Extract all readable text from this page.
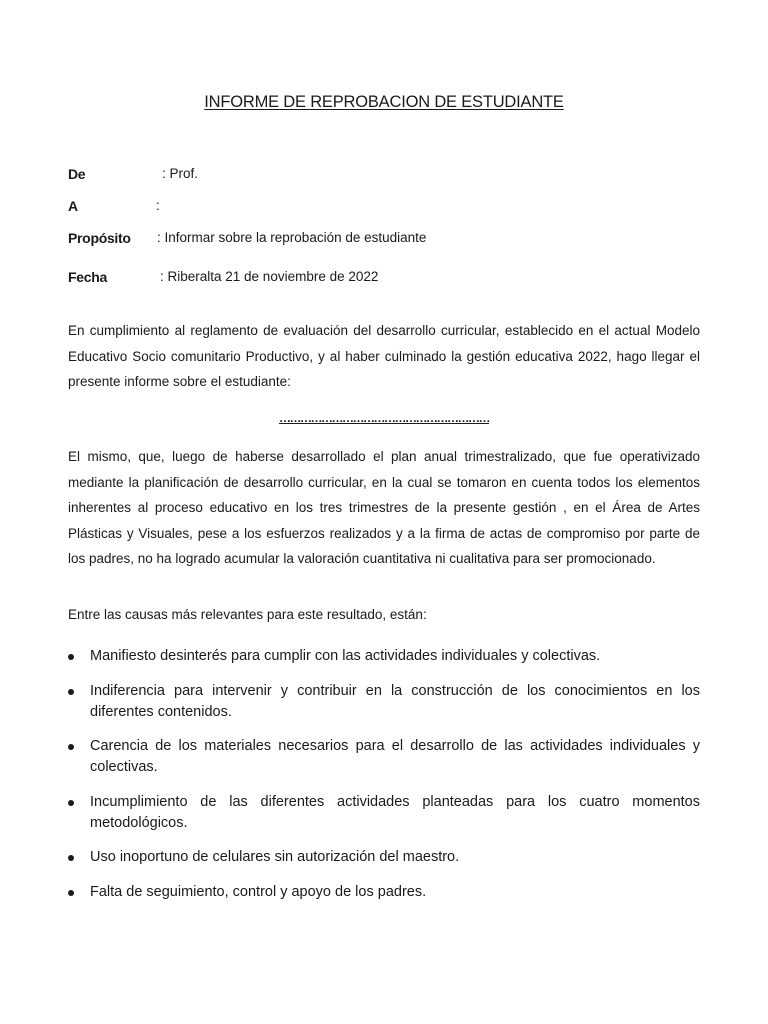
INFORME DE REPROBACION DE ESTUDIANTE
De	: Prof.
A	:
Propósito : Informar sobre la reprobación de estudiante
Fecha	: Riberalta 21 de noviembre de 2022

En cumplimiento al reglamento de evaluación del desarrollo curricular, establecido en el actual Modelo Educativo Socio comunitario Productivo, y al haber culminado la gestión educativa 2022, hago llegar el presente informe sobre el estudiante:

……………………………………………………

El mismo, que, luego de haberse desarrollado el plan anual trimestralizado, que fue operativizado mediante la planificación de desarrollo curricular, en la cual se tomaron en cuenta todos los elementos inherentes al proceso educativo en los tres trimestres de la presente gestión , en el Área de Artes Plásticas y Visuales, pese a los esfuerzos realizados y a la firma de actas de compromiso por parte de los padres, no ha logrado acumular la valoración cuantitativa ni cualitativa para ser promocionado.

Entre las causas más relevantes para este resultado, están:
Manifiesto desinterés para cumplir con las actividades individuales y colectivas.
Indiferencia para intervenir y contribuir en la construcción de los conocimientos en los diferentes contenidos.
Carencia de los materiales necesarios para el desarrollo de las actividades individuales y colectivas.
Incumplimiento de las diferentes actividades planteadas para los cuatro momentos metodológicos.
Uso inoportuno de celulares sin autorización del maestro.
Falta de seguimiento, control y apoyo de los padres.
